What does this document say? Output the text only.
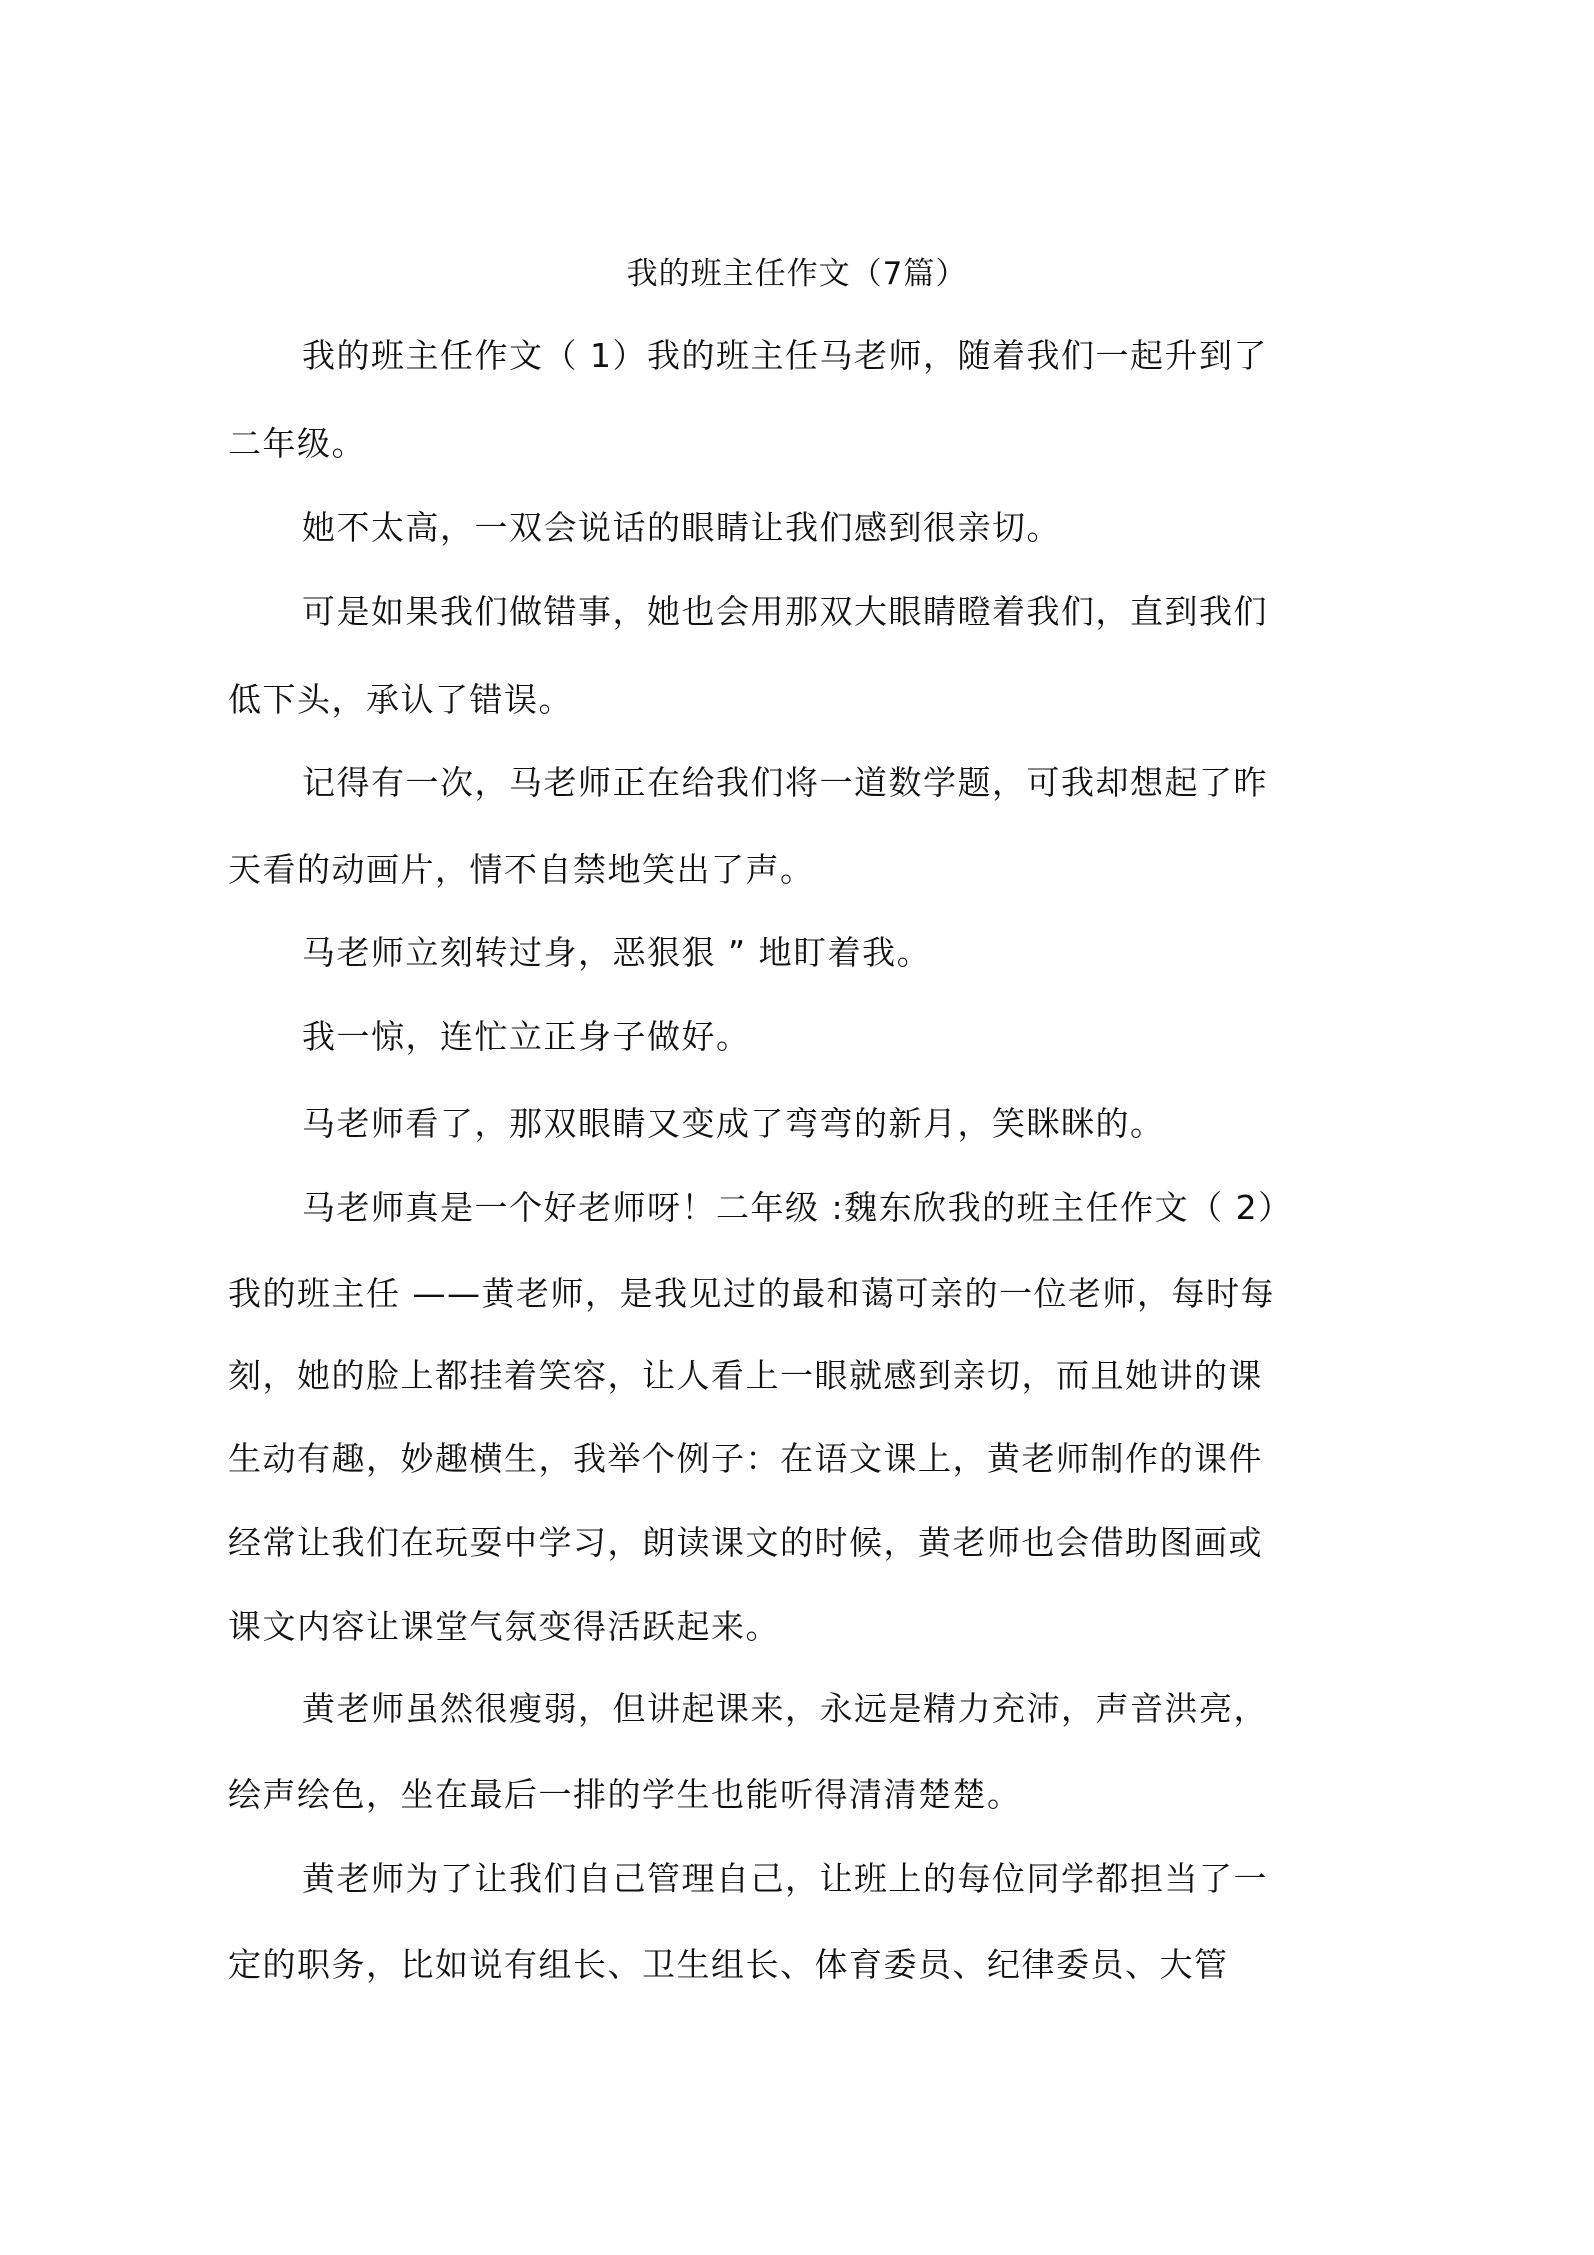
我的班主任作文（7篇）
我的班主任作文（ 1）我的班主任马老师，随着我们一起升到了
二年级。
她不太高，一双会说话的眼睛让我们感到很亲切。
可是如果我们做错事，她也会用那双大眼睛瞪着我们，直到我们
低下头，承认了错误。
记得有一次，马老师正在给我们将一道数学题，可我却想起了昨
天看的动画片，情不自禁地笑出了声。
马老师立刻转过身，恶狠狠 ” 地盯着我。
我一惊，连忙立正身子做好。
马老师看了，那双眼睛又变成了弯弯的新月，笑眯眯的。
马老师真是一个好老师呀！二年级 :魏东欣我的班主任作文（ 2）
我的班主任 ——黄老师，是我见过的最和蔼可亲的一位老师，每时每
刻，她的脸上都挂着笑容，让人看上一眼就感到亲切，而且她讲的课
生动有趣，妙趣横生，我举个例子：在语文课上，黄老师制作的课件
经常让我们在玩耍中学习，朗读课文的时候，黄老师也会借助图画或
课文内容让课堂气氛变得活跃起来。
黄老师虽然很瘦弱，但讲起课来，永远是精力充沛，声音洪亮，
绘声绘色，坐在最后一排的学生也能听得清清楚楚。
黄老师为了让我们自己管理自己，让班上的每位同学都担当了一
定的职务，比如说有组长、卫生组长、体育委员、纪律委员、大管
